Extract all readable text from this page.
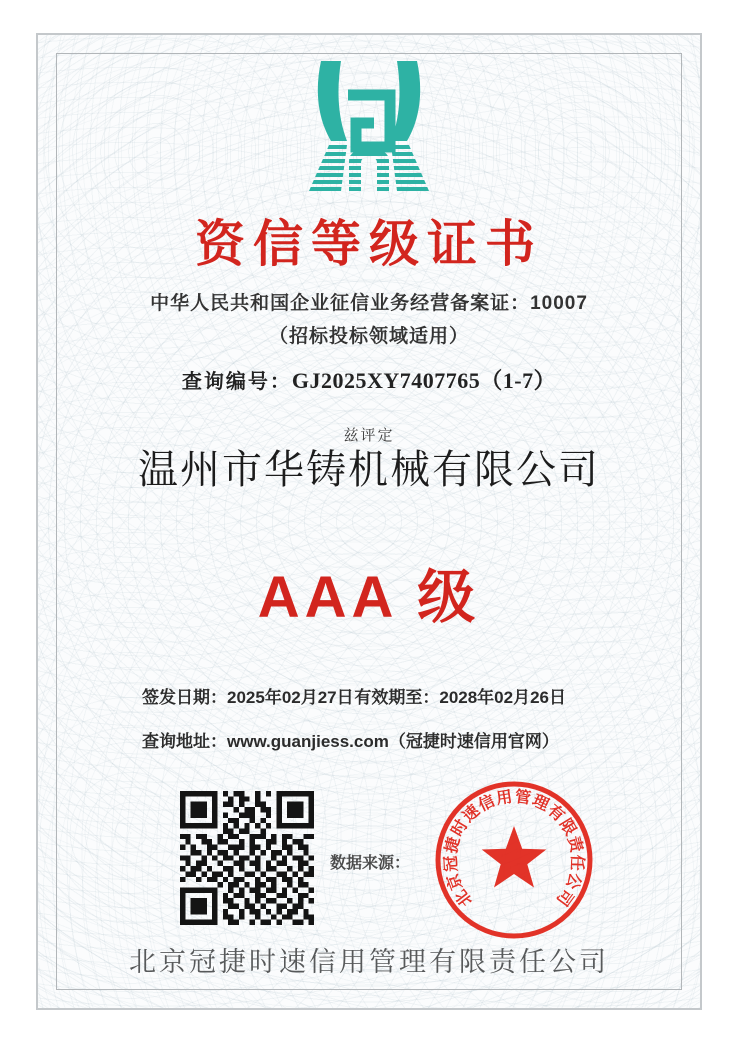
资信等级证书
中华人民共和国企业征信业务经营备案证：10007
（招标投标领域适用）
查询编号：GJ2025XY7407765（1-7）
兹评定
温州市华铸机械有限公司
AAA 级
签发日期：2025年02月27日 有效期至：2028年02月26日
查询地址：www.guanjiess.com（冠捷时速信用官网）
数据来源：
北京冠捷时速信用管理有限责任公司
北京冠捷时速信用管理有限责任公司
